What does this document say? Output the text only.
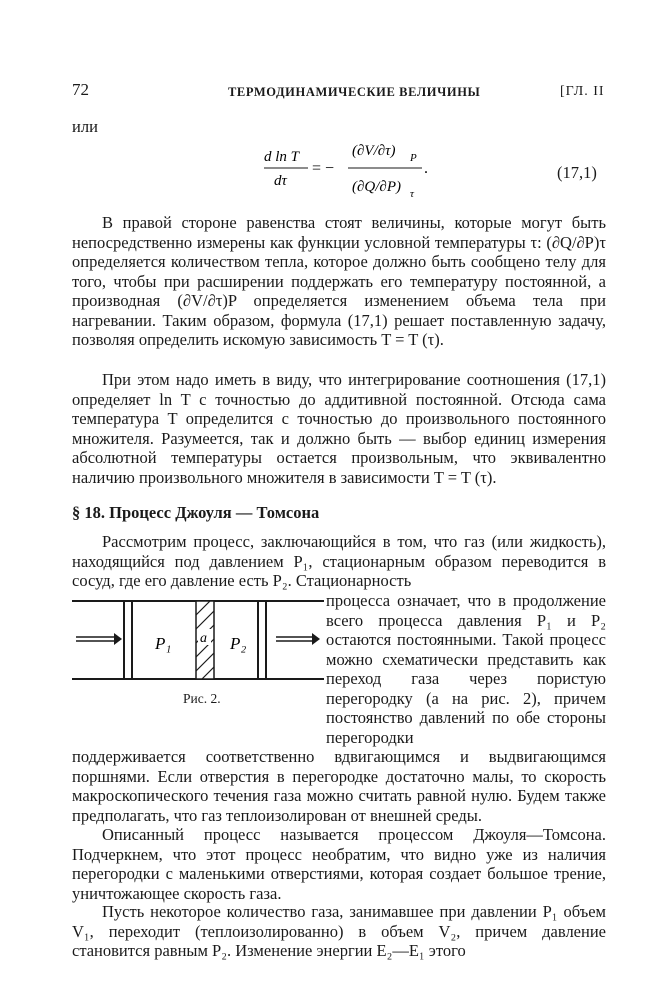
72	ТЕРМОДИНАМИЧЕСКИЕ ВЕЛИЧИНЫ	[ГЛ. II
или
d ln T
dτ
= −
(∂V/∂τ) P
(∂Q/∂P) τ
.	(17,1)

В правой стороне равенства стоят величины, которые могут быть непосредственно измерены как функции условной температуры τ: (∂Q/∂P)τ определяется количеством тепла, которое должно быть сообщено телу для того, чтобы при расширении поддержать его температуру постоянной, а производная (∂V/∂τ)P определяется изменением объема тела при нагревании. Таким образом, формула (17,1) решает поставленную задачу, позволяя определить искомую зависимость T = T (τ).

При этом надо иметь в виду, что интегрирование соотношения (17,1) определяет ln T с точностью до аддитивной постоянной. Отсюда сама температура T определится с точностью до произвольного постоянного множителя. Разумеется, так и должно быть — выбор единиц измерения абсолютной температуры остается произвольным, что эквивалентно наличию произвольного множителя в зависимости T = T (τ).

§ 18. Процесс Джоуля — Томсона

Рассмотрим процесс, заключающийся в том, что газ (или жидкость), находящийся под давлением P₁, стационарным образом переводится в сосуд, где его давление есть P₂. Стационарность

процесса означает, что в продолжение всего процесса давления P₁ и P₂ остаются постоянными. Такой процесс можно схематически представить как переход газа через пористую перегородку (a на рис. 2), причем постоянство давлений по обе стороны перегородки

a
P₁	P₂
Рис. 2.

поддерживается соответственно вдвигающимся и выдвигающимся поршнями. Если отверстия в перегородке достаточно малы, то скорость макроскопического течения газа можно считать равной нулю. Будем также предполагать, что газ теплоизолирован от внешней среды.

Описанный процесс называется процессом Джоуля—Томсона. Подчеркнем, что этот процесс необратим, что видно уже из наличия перегородки с маленькими отверстиями, которая создает большое трение, уничтожающее скорость газа.

Пусть некоторое количество газа, занимавшее при давлении P₁ объем V₁, переходит (теплоизолированно) в объем V₂, причем давление становится равным P₂. Изменение энергии E₂—E₁ этого
